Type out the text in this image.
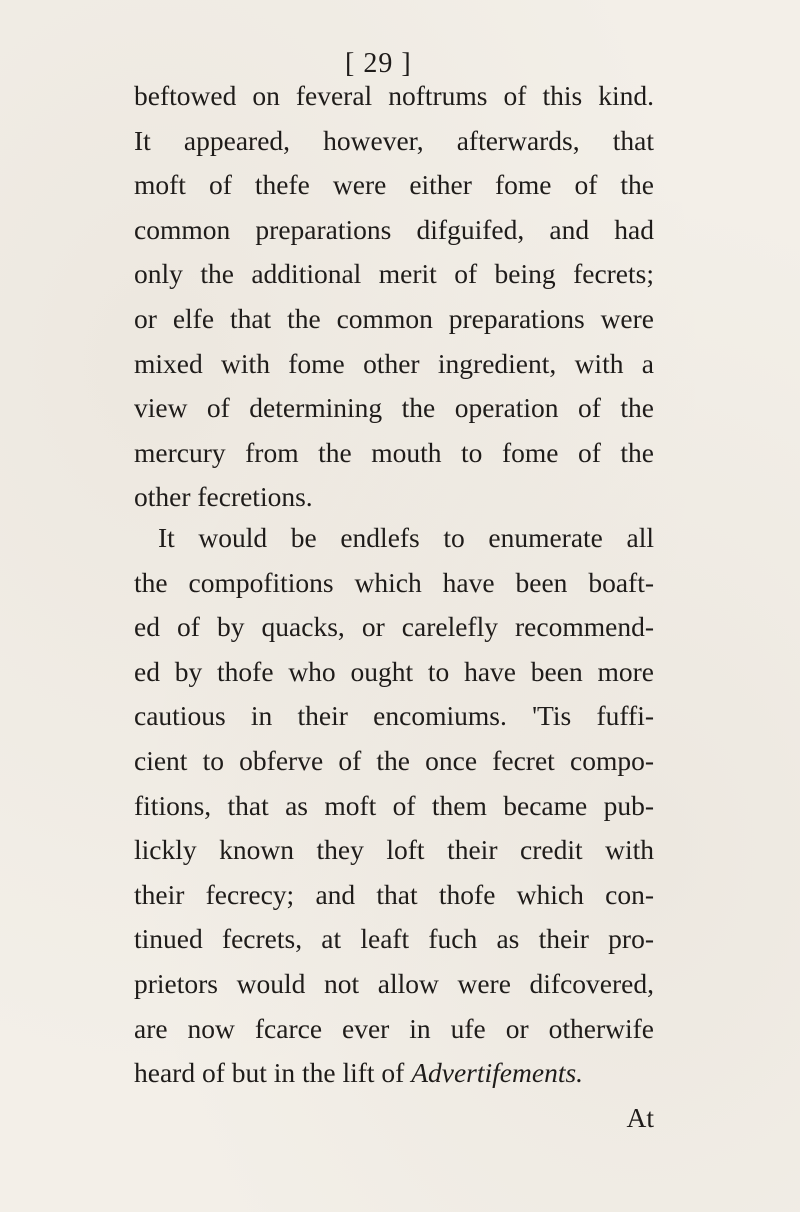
[ 29 ]
beftowed on feveral noftrums of this kind.
It appeared, however, afterwards, that
moft of thefe were either fome of the
common preparations difguifed, and had
only the additional merit of being fecrets;
or elfe that the common preparations were
mixed with fome other ingredient, with a
view of determining the operation of the
mercury from the mouth to fome of the
other fecretions.
It would be endlefs to enumerate all
the compofitions which have been boaft-
ed of by quacks, or carelefly recommend-
ed by thofe who ought to have been more
cautious in their encomiums. 'Tis fuffi-
cient to obferve of the once fecret compo-
fitions, that as moft of them became pub-
lickly known they loft their credit with
their fecrecy; and that thofe which con-
tinued fecrets, at leaft fuch as their pro-
prietors would not allow were difcovered,
are now fcarce ever in ufe or otherwife
heard of but in the lift of Advertifements.
At
